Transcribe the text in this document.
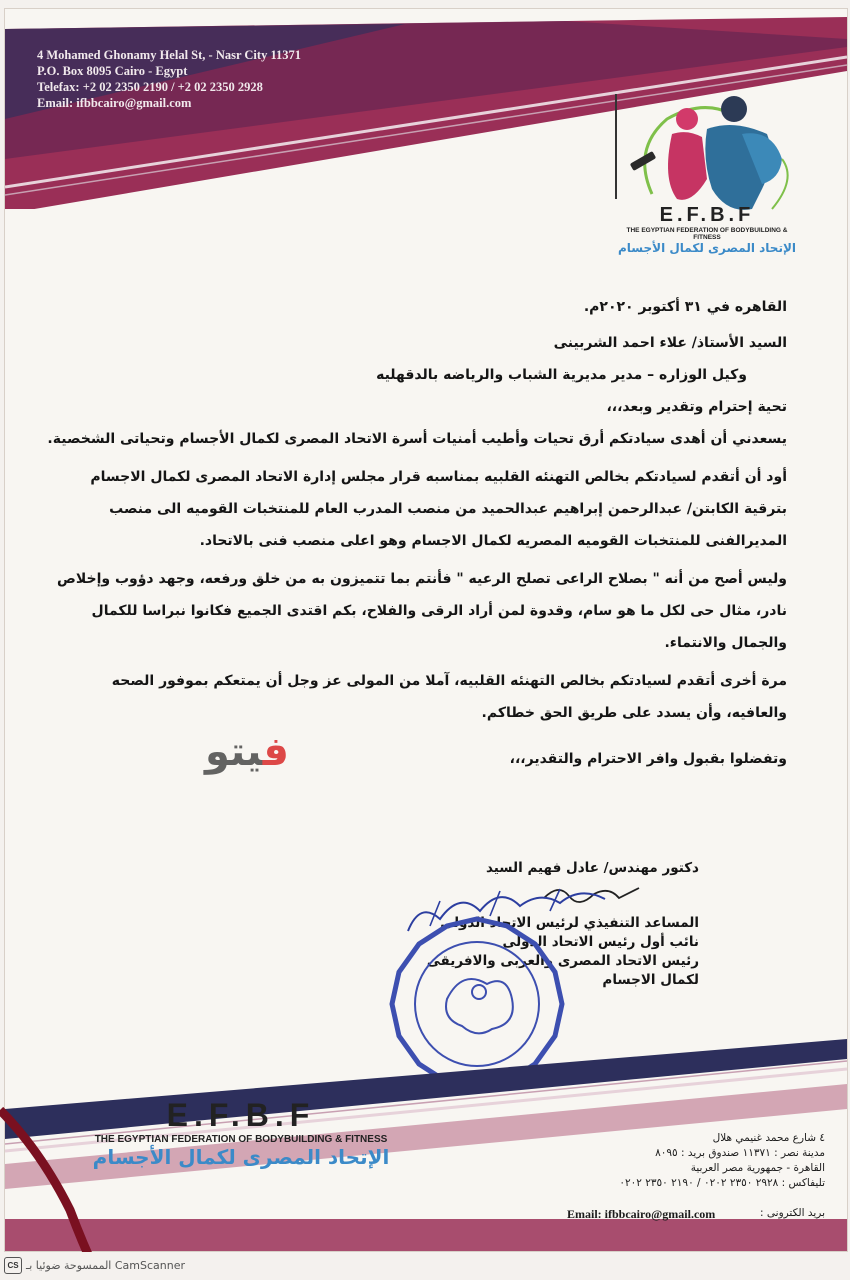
4 Mohamed Ghonamy Helal St, - Nasr City 11371
P.O. Box 8095 Cairo - Egypt
Telefax: +2 02 2350 2190 / +2 02 2350 2928
Email: ifbbcairo@gmail.com
E.F.B.F
THE EGYPTIAN FEDERATION OF BODYBUILDING & FITNESS
الإتحاد المصرى لكمال الأجسام

القاهره في ٣١ أكتوبر ٢٠٢٠م.

السيد الأستاذ/ علاء احمد الشربينى

وكيل الوزاره – مدير مديرية الشباب والرياضه بالدقهليه

تحية إحترام وتقدير وبعد،،،

يسعدني أن أهدى سيادتكم أرق تحيات وأطيب أمنيات أسرة الاتحاد المصرى لكمال الأجسام وتحياتى الشخصية.

أود أن أتقدم لسيادتكم بخالص التهنئه القلبيه بمناسبه قرار مجلس إدارة الاتحاد المصرى لكمال الاجسام بترقية الكابتن/ عبدالرحمن إبراهيم عبدالحميد من منصب المدرب العام للمنتخبات القوميه الى منصب المديرالفنى للمنتخبات القوميه المصريه لكمال الاجسام وهو اعلى منصب فنى بالاتحاد.

وليس أصح من أنه " بصلاح الراعى تصلح الرعيه " فأنتم بما تتميزون به من خلق ورفعه، وجهد دؤوب وإخلاص نادر، مثال حى لكل ما هو سام، وقدوة لمن أراد الرقى والفلاح، بكم اقتدى الجميع فكانوا نبراسا للكمال والجمال والانتماء.

مرة أخرى أتقدم لسيادتكم بخالص التهنئه القلبيه، آملا من المولى عز وجل أن يمتعكم بموفور الصحه والعافيه، وأن يسدد على طريق الحق خطاكم.

وتفضلوا بقبول وافر الاحترام والتقدير،،،

فيتو
دكتور مهندس/ عادل فهيم السيد
المساعد التنفيذي لرئيس الاتحاد الدولى
نائب أول رئيس الاتحاد الدولى
رئيس الاتحاد المصرى والعربى والافريقى
لكمال الاجسام
E.F.B.F
THE EGYPTIAN FEDERATION OF BODYBUILDING & FITNESS
الإتحاد المصرى لكمال الأجسام
٤ شارع محمد غنيمي هلال
مدينة نصر : ١١٣٧١ صندوق بريد : ٨٠٩٥
القاهرة - جمهورية مصر العربية
تليفاكس : ٢٩٢٨ ٢٣٥٠ ٠٢٠٢ / ٢١٩٠ ٢٣٥٠ ٠٢٠٢
Email: ifbbcairo@gmail.com	بريد الكترونى :
CS الممسوحة ضوئيا بـ CamScanner
